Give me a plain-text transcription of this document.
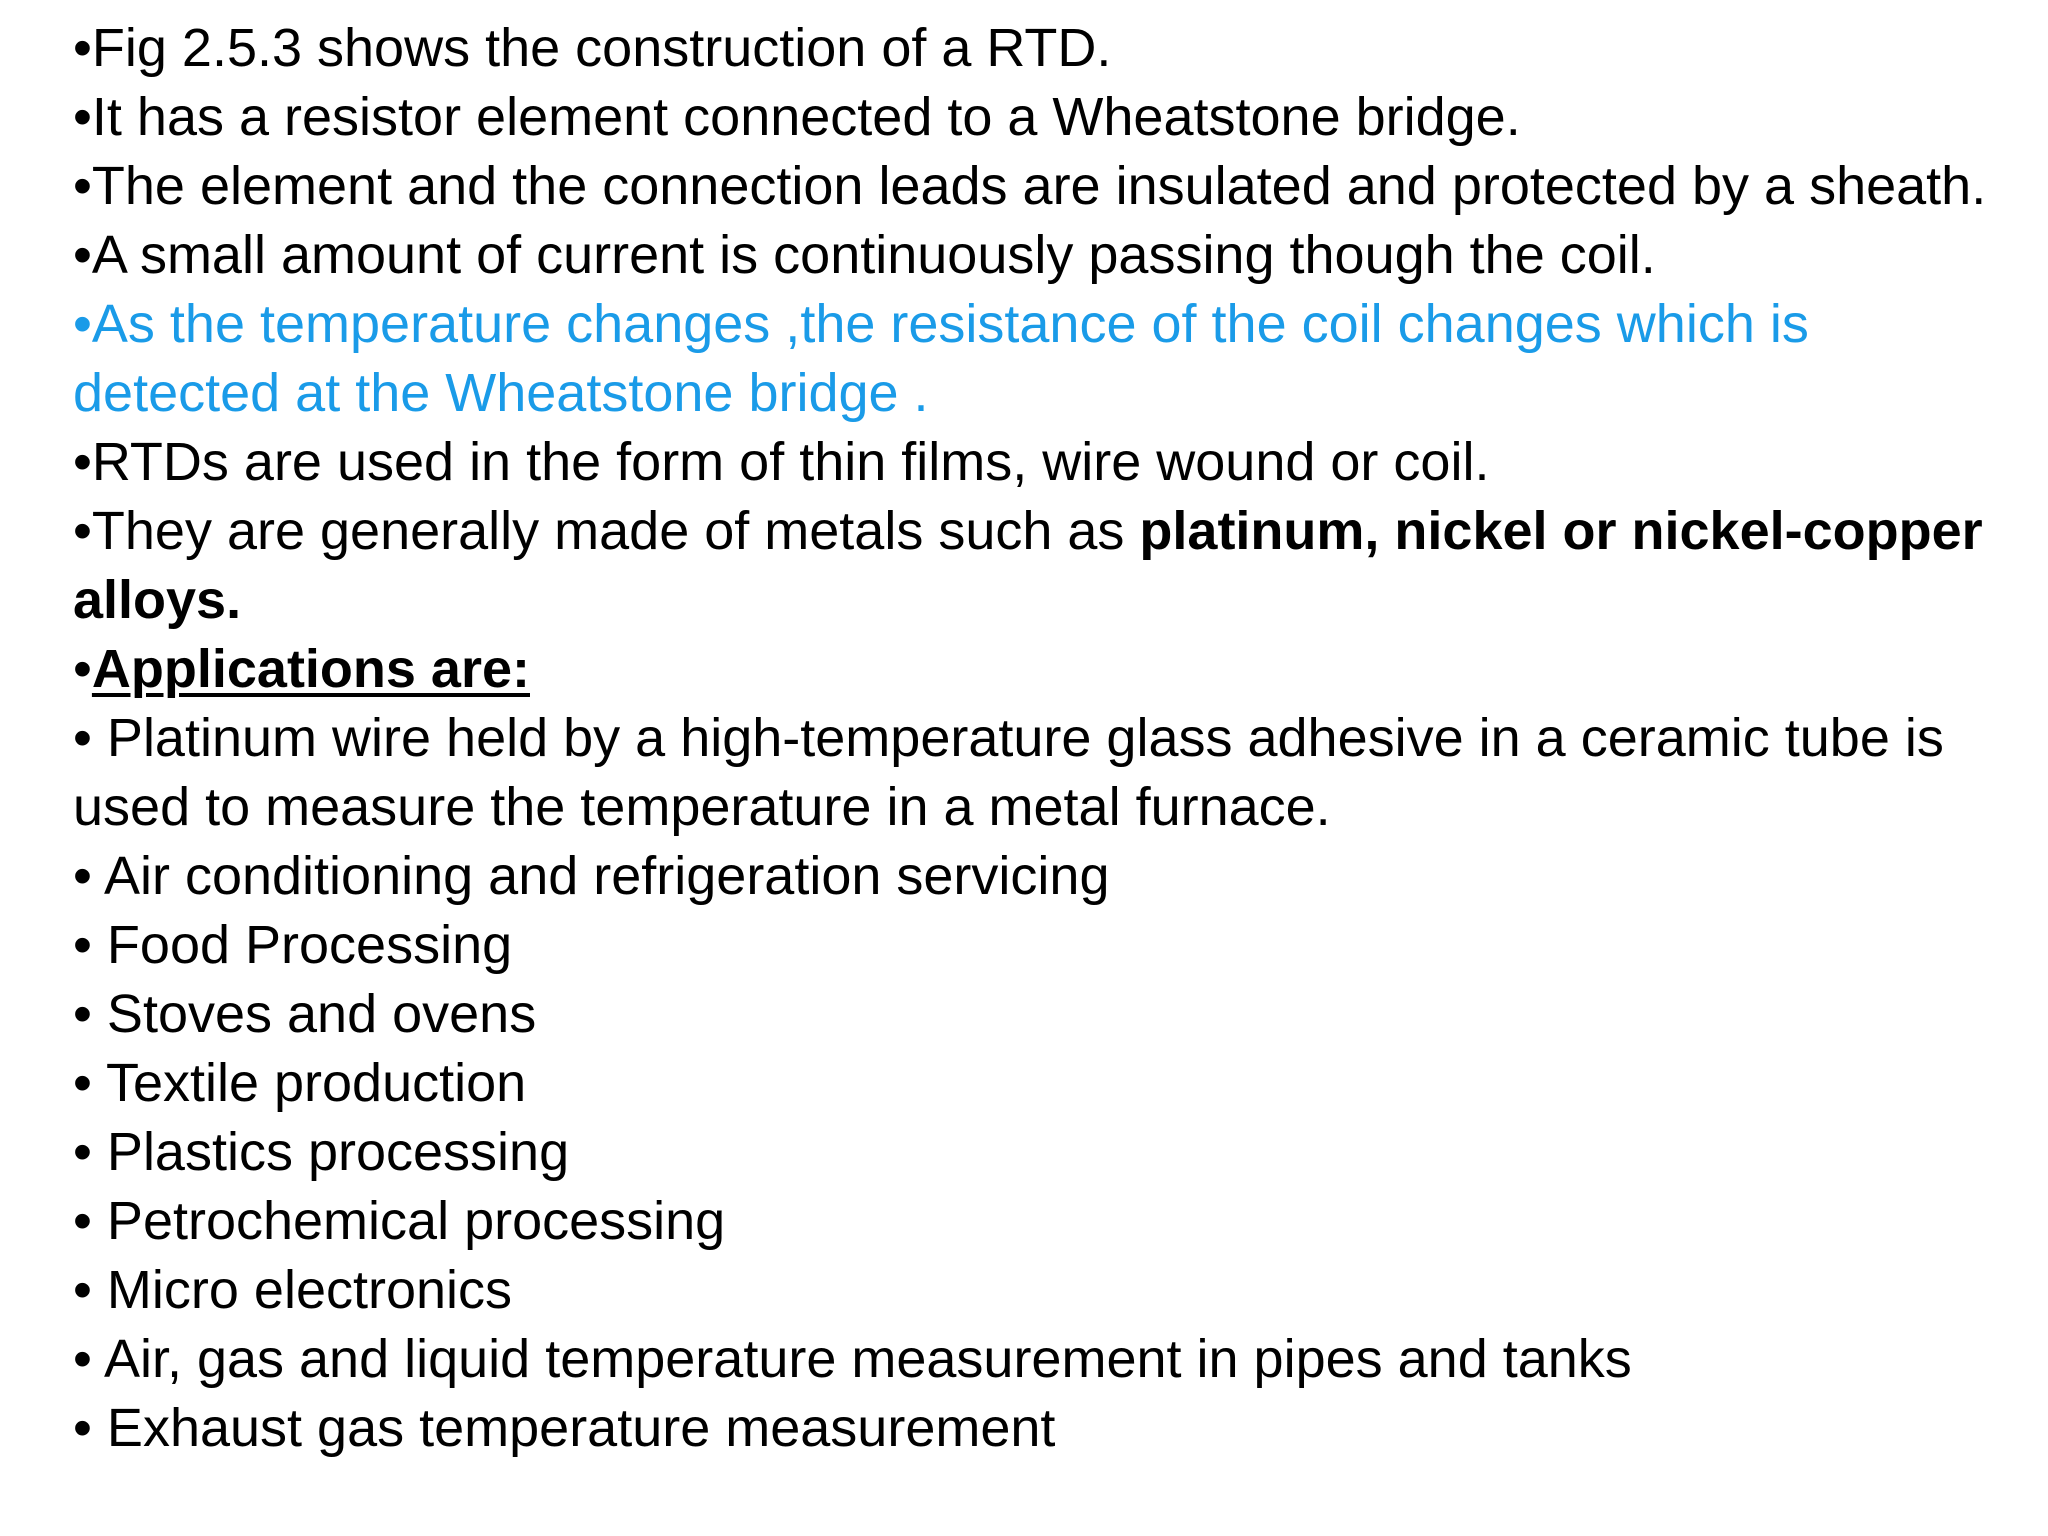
•Fig 2.5.3 shows the construction of a RTD.

•It has a resistor element connected to a Wheatstone bridge.

•The element and the connection leads are insulated and protected by a sheath.

•A small amount of current is continuously passing though the coil.

•As the temperature changes ,the resistance of the coil changes which is detected at the Wheatstone bridge .

•RTDs are used in the form of thin films, wire wound or coil.

•They are generally made of metals such as platinum, nickel or nickel-copper alloys.

•Applications are:

• Platinum wire held by a high-temperature glass adhesive in a ceramic tube is used to measure the temperature in a metal furnace.

• Air conditioning and refrigeration servicing

• Food Processing

• Stoves and ovens

• Textile production

• Plastics processing

• Petrochemical processing

• Micro electronics

• Air, gas and liquid temperature measurement in pipes and tanks

• Exhaust gas temperature measurement
